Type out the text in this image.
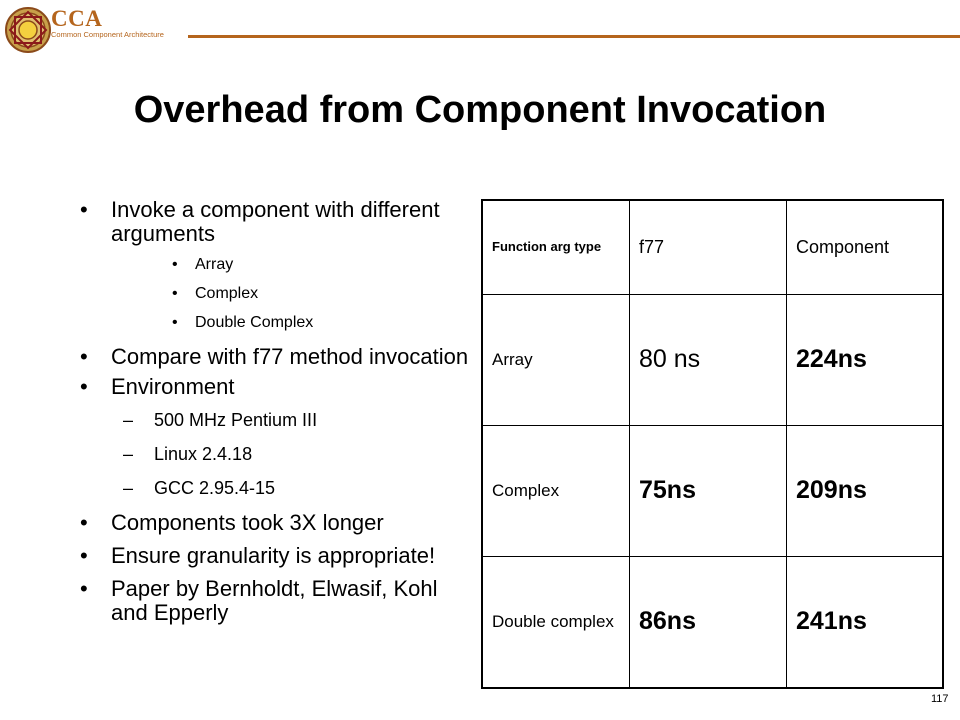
CCA
Common Component Architecture
Overhead from Component Invocation
• Invoke a component with different arguments
• Array
• Complex
• Double Complex
• Compare with f77 method invocation
• Environment
– 500 MHz Pentium III
– Linux 2.4.18
– GCC 2.95.4-15
• Components took 3X longer
• Ensure granularity is appropriate!
• Paper by Bernholdt, Elwasif, Kohl and Epperly
Function arg type	f77	Component
Array	80 ns	224ns
Complex	75ns	209ns
Double complex	86ns	241ns
117
